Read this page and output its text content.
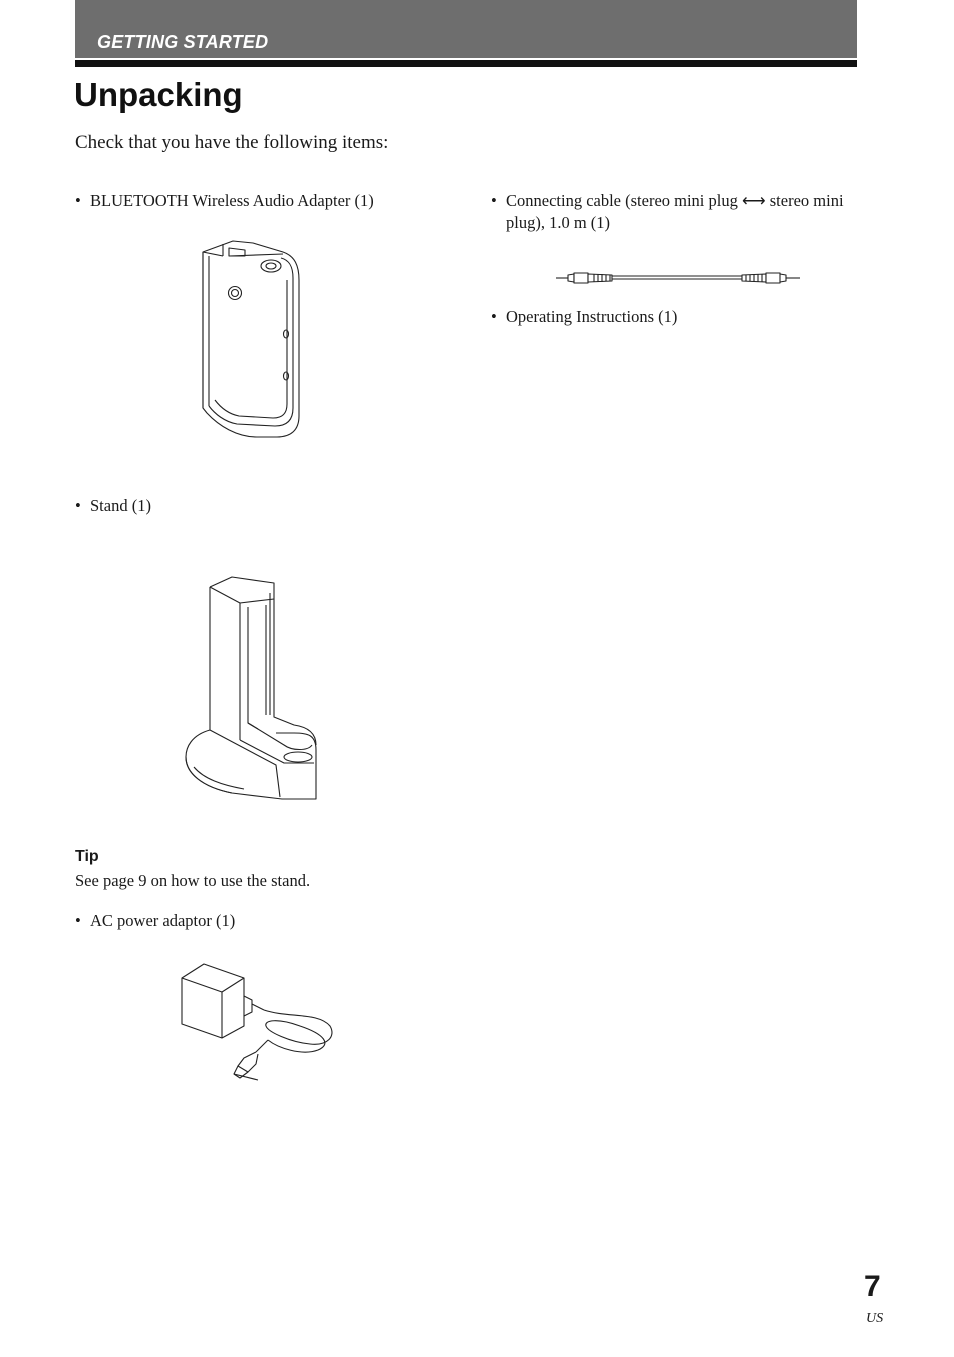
GETTING STARTED
Unpacking
Check that you have the following items:
• BLUETOOTH Wireless Audio Adapter (1)
• Stand (1)
Tip
See page 9 on how to use the stand.
• AC power adaptor (1)
• Connecting cable (stereo mini plug ⟷ stereo mini plug), 1.0 m (1)
• Operating Instructions (1)
7
US
